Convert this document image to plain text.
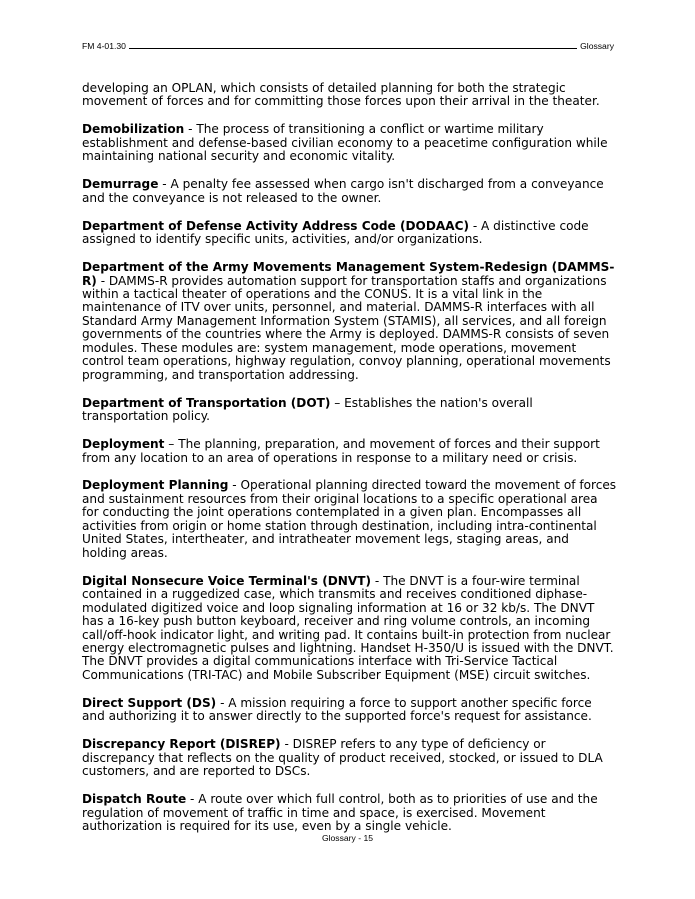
FM 4-01.30	Glossary

developing an OPLAN, which consists of detailed planning for both the strategic movement of forces and for committing those forces upon their arrival in the theater.

Demobilization - The process of transitioning a conflict or wartime military establishment and defense-based civilian economy to a peacetime configuration while maintaining national security and economic vitality.

Demurrage - A penalty fee assessed when cargo isn't discharged from a conveyance and the conveyance is not released to the owner.

Department of Defense Activity Address Code (DODAAC) - A distinctive code assigned to identify specific units, activities, and/or organizations.

Department of the Army Movements Management System-Redesign (DAMMS-R) - DAMMS-R provides automation support for transportation staffs and organizations within a tactical theater of operations and the CONUS. It is a vital link in the maintenance of ITV over units, personnel, and material. DAMMS-R interfaces with all Standard Army Management Information System (STAMIS), all services, and all foreign governments of the countries where the Army is deployed. DAMMS-R consists of seven modules. These modules are: system management, mode operations, movement control team operations, highway regulation, convoy planning, operational movements programming, and transportation addressing.

Department of Transportation (DOT) – Establishes the nation's overall transportation policy.

Deployment – The planning, preparation, and movement of forces and their support from any location to an area of operations in response to a military need or crisis.

Deployment Planning - Operational planning directed toward the movement of forces and sustainment resources from their original locations to a specific operational area for conducting the joint operations contemplated in a given plan. Encompasses all activities from origin or home station through destination, including intra-continental United States, intertheater, and intratheater movement legs, staging areas, and holding areas.

Digital Nonsecure Voice Terminal's (DNVT) - The DNVT is a four-wire terminal contained in a ruggedized case, which transmits and receives conditioned diphase-modulated digitized voice and loop signaling information at 16 or 32 kb/s. The DNVT has a 16-key push button keyboard, receiver and ring volume controls, an incoming call/off-hook indicator light, and writing pad. It contains built-in protection from nuclear energy electromagnetic pulses and lightning. Handset H-350/U is issued with the DNVT. The DNVT provides a digital communications interface with Tri-Service Tactical Communications (TRI-TAC) and Mobile Subscriber Equipment (MSE) circuit switches.

Direct Support (DS) - A mission requiring a force to support another specific force and authorizing it to answer directly to the supported force's request for assistance.

Discrepancy Report (DISREP) - DISREP refers to any type of deficiency or discrepancy that reflects on the quality of product received, stocked, or issued to DLA customers, and are reported to DSCs.

Dispatch Route - A route over which full control, both as to priorities of use and the regulation of movement of traffic in time and space, is exercised. Movement authorization is required for its use, even by a single vehicle.

Glossary - 15
